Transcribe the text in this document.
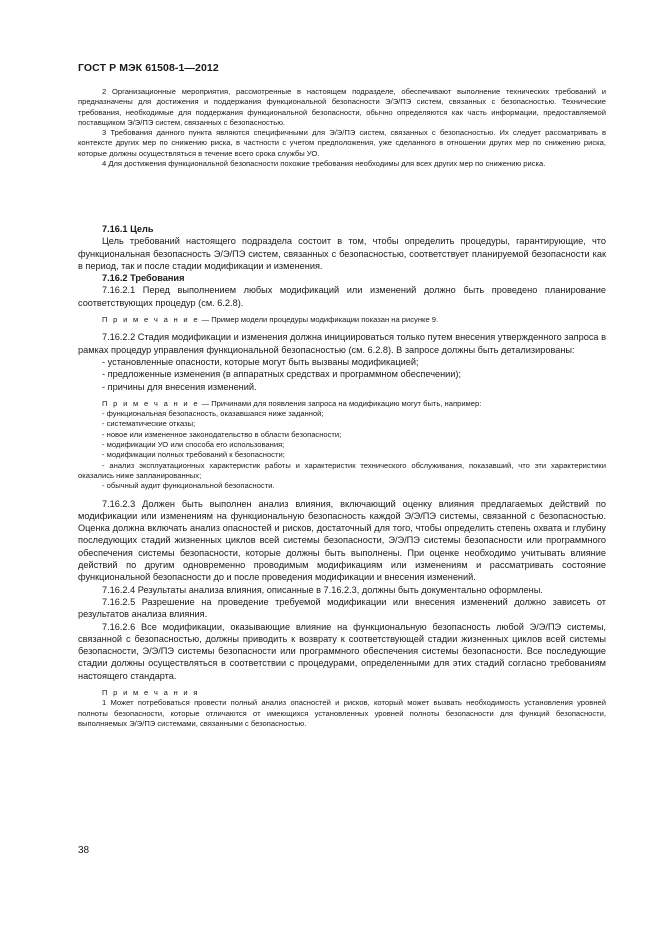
ГОСТ Р МЭК 61508-1—2012

2 Организационные мероприятия, рассмотренные в настоящем подразделе, обеспечивают выполнение технических требований и предназначены для достижения и поддержания функциональной безопасности Э/Э/ПЭ систем, связанных с безопасностью. Технические требования, необходимые для поддержания функциональной безопасности, обычно определяются как часть информации, предоставляемой поставщиком Э/Э/ПЭ систем, связанных с безопасностью.

3 Требования данного пункта являются специфичными для Э/Э/ПЭ систем, связанных с безопасностью. Их следует рассматривать в контексте других мер по снижению риска, в частности с учетом предположения, уже сделанного в отношении других мер по снижению риска, которые должны осуществляться в течение всего срока службы УО.

4 Для достижения функциональной безопасности похожие требования необходимы для всех других мер по снижению риска.

7.16.1 Цель

Цель требований настоящего подраздела состоит в том, чтобы определить процедуры, гарантирующие, что функциональная безопасность Э/Э/ПЭ систем, связанных с безопасностью, соответствует планируемой безопасности как в период, так и после стадии модификации и изменения.

7.16.2 Требования

7.16.2.1 Перед выполнением любых модификаций или изменений должно быть проведено планирование соответствующих процедур (см. 6.2.8).

П р и м е ч а н и е — Пример модели процедуры модификации показан на рисунке 9.

7.16.2.2 Стадия модификации и изменения должна инициироваться только путем внесения утвержденного запроса в рамках процедур управления функциональной безопасностью (см. 6.2.8). В запросе должны быть детализированы:

- установленные опасности, которые могут быть вызваны модификацией;

- предложенные изменения (в аппаратных средствах и программном обеспечении);

- причины для внесения изменений.

П р и м е ч а н и е — Причинами для появления запроса на модификацию могут быть, например:

- функциональная безопасность, оказавшаяся ниже заданной;

- систематические отказы;

- новое или измененное законодательство в области безопасности;

- модификации УО или способа его использования;

- модификации полных требований к безопасности;

- анализ эксплуатационных характеристик работы и характеристик технического обслуживания, показавший, что эти характеристики оказались ниже запланированных;

- обычный аудит функциональной безопасности.

7.16.2.3 Должен быть выполнен анализ влияния, включающий оценку влияния предлагаемых действий по модификации или изменениям на функциональную безопасность каждой Э/Э/ПЭ системы, связанной с безопасностью. Оценка должна включать анализ опасностей и рисков, достаточный для того, чтобы определить степень охвата и глубину последующих стадий жизненных циклов всей системы безопасности, Э/Э/ПЭ системы безопасности или программного обеспечения системы безопасности, которые должны быть выполнены. При оценке необходимо учитывать влияние действий по другим одновременно проводимым модификациям или изменениям и рассматривать состояние функциональной безопасности до и после проведения модификации и внесения изменений.

7.16.2.4 Результаты анализа влияния, описанные в 7.16.2.3, должны быть документально оформлены.

7.16.2.5 Разрешение на проведение требуемой модификации или внесения изменений должно зависеть от результатов анализа влияния.

7.16.2.6 Все модификации, оказывающие влияние на функциональную безопасность любой Э/Э/ПЭ системы, связанной с безопасностью, должны приводить к возврату к соответствующей стадии жизненных циклов всей системы безопасности, Э/Э/ПЭ системы безопасности или программного обеспечения системы безопасности. Все последующие стадии должны осуществляться в соответствии с процедурами, определенными для этих стадий согласно требованиям настоящего стандарта.

П р и м е ч а н и я

1 Может потребоваться провести полный анализ опасностей и рисков, который может вызвать необходимость установления уровней полноты безопасности, которые отличаются от имеющихся установленных уровней полноты безопасности для функций безопасности, выполняемых Э/Э/ПЭ системами, связанными с безопасностью.

38
